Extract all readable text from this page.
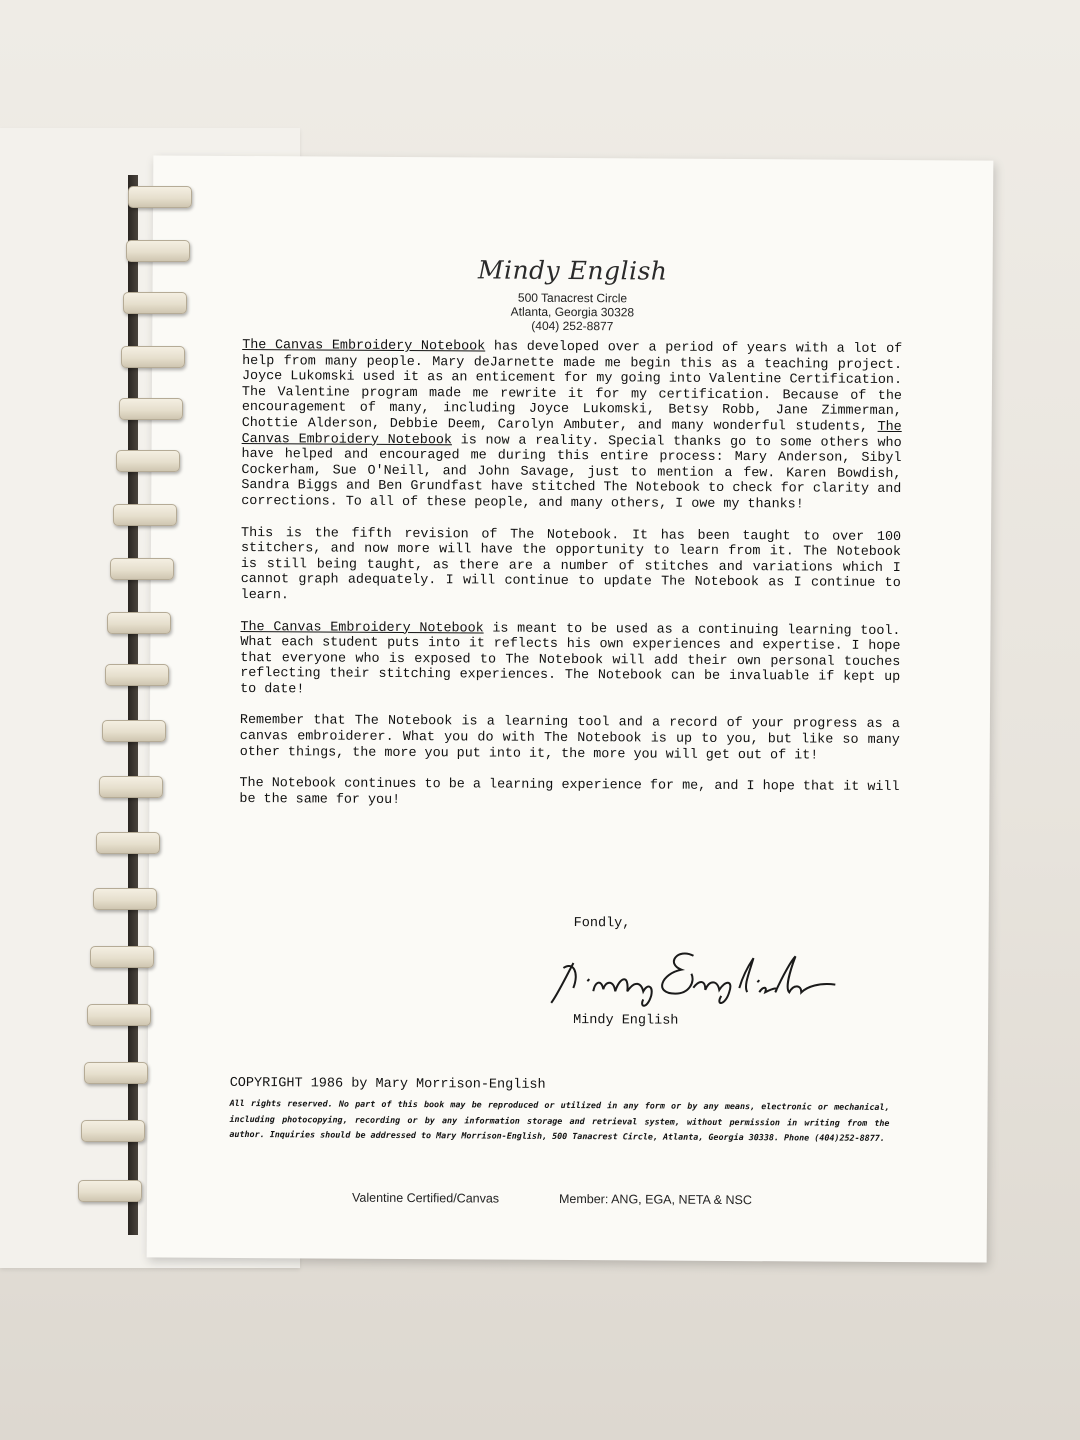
Mindy English
500 Tanacrest Circle
Atlanta, Georgia 30328
(404) 252-8877

The Canvas Embroidery Notebook has developed over a period of years with a lot of help from many people. Mary deJarnette made me begin this as a teaching project. Joyce Lukomski used it as an enticement for my going into Valentine Certification. The Valentine program made me rewrite it for my certification. Because of the encouragement of many, including Joyce Lukomski, Betsy Robb, Jane Zimmerman, Chottie Alderson, Debbie Deem, Carolyn Ambuter, and many wonderful students, The Canvas Embroidery Notebook is now a reality. Special thanks go to some others who have helped and encouraged me during this entire process: Mary Anderson, Sibyl Cockerham, Sue O'Neill, and John Savage, just to mention a few. Karen Bowdish, Sandra Biggs and Ben Grundfast have stitched The Notebook to check for clarity and corrections. To all of these people, and many others, I owe my thanks!

This is the fifth revision of The Notebook. It has been taught to over 100 stitchers, and now more will have the opportunity to learn from it. The Notebook is still being taught, as there are a number of stitches and variations which I cannot graph adequately. I will continue to update The Notebook as I continue to learn.

The Canvas Embroidery Notebook is meant to be used as a continuing learning tool. What each student puts into it reflects his own experiences and expertise. I hope that everyone who is exposed to The Notebook will add their own personal touches reflecting their stitching experiences. The Notebook can be invaluable if kept up to date!

Remember that The Notebook is a learning tool and a record of your progress as a canvas embroiderer. What you do with The Notebook is up to you, but like so many other things, the more you put into it, the more you will get out of it!

The Notebook continues to be a learning experience for me, and I hope that it will be the same for you!

Fondly,
Mindy English
COPYRIGHT 1986 by Mary Morrison-English
All rights reserved. No part of this book may be reproduced or utilized in any form or by any means, electronic or mechanical, including photocopying, recording or by any information storage and retrieval system, without permission in writing from the author. Inquiries should be addressed to Mary Morrison-English, 500 Tanacrest Circle, Atlanta, Georgia 30338. Phone (404)252-8877.
Valentine Certified/Canvas	Member: ANG, EGA, NETA & NSC
